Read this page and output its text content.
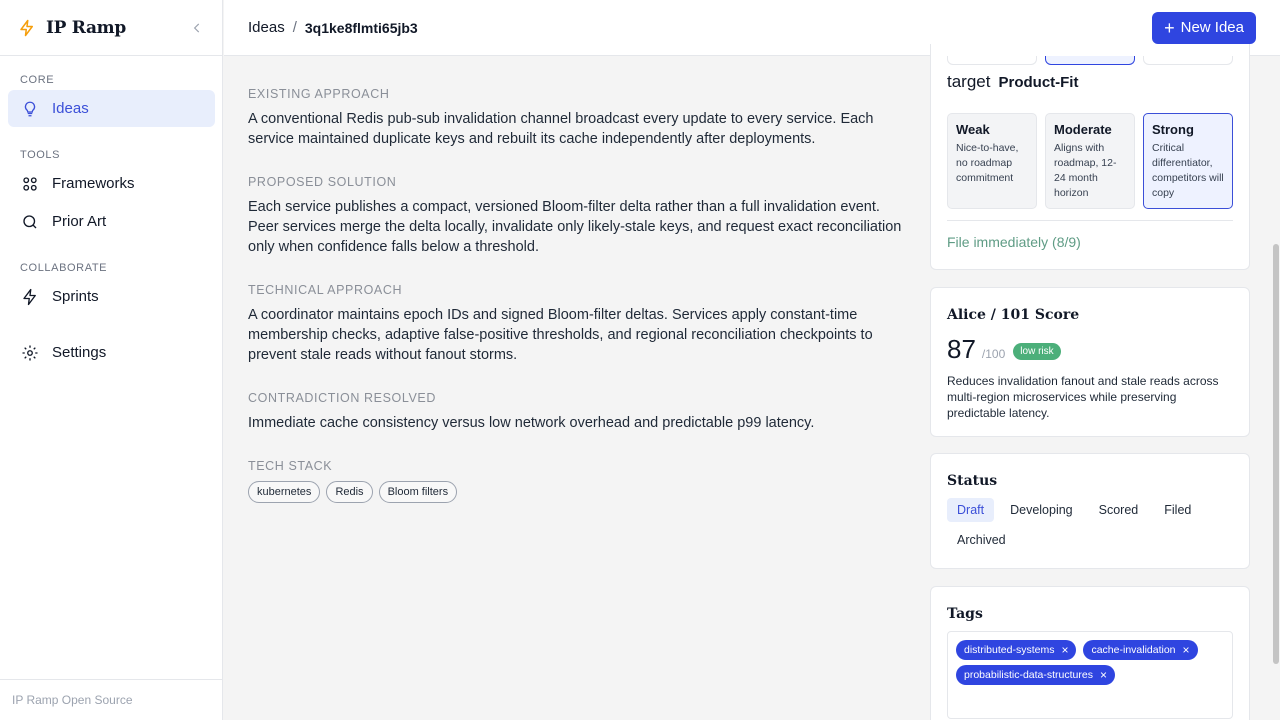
IP Ramp
CORE
Ideas
TOOLS
Frameworks
Prior Art
COLLABORATE
Sprints
Settings
IP Ramp Open Source
Ideas / 3q1ke8flmti65jb3	+ New Idea
EXISTING APPROACH
A conventional Redis pub-sub invalidation channel broadcast every update to every service. Each service maintained duplicate keys and rebuilt its cache independently after deployments.
PROPOSED SOLUTION
Each service publishes a compact, versioned Bloom-filter delta rather than a full invalidation event. Peer services merge the delta locally, invalidate only likely-stale keys, and request exact reconciliation only when confidence falls below a threshold.
TECHNICAL APPROACH
A coordinator maintains epoch IDs and signed Bloom-filter deltas. Services apply constant-time membership checks, adaptive false-positive thresholds, and regional reconciliation checkpoints to prevent stale reads without fanout storms.
CONTRADICTION RESOLVED
Immediate cache consistency versus low network overhead and predictable p99 latency.
TECH STACK
kubernetes	Redis	Bloom filters
target Product-Fit
Weak
Nice-to-have, no roadmap commitment
Moderate
Aligns with roadmap, 12-24 month horizon
Strong
Critical differentiator, competitors will copy
File immediately (8/9)
Alice / 101 Score
87 /100	low risk
Reduces invalidation fanout and stale reads across multi-region microservices while preserving predictable latency.
Status
Draft	Developing	Scored	Filed
Archived
Tags
distributed-systems × cache-invalidation ×
probabilistic-data-structures ×
